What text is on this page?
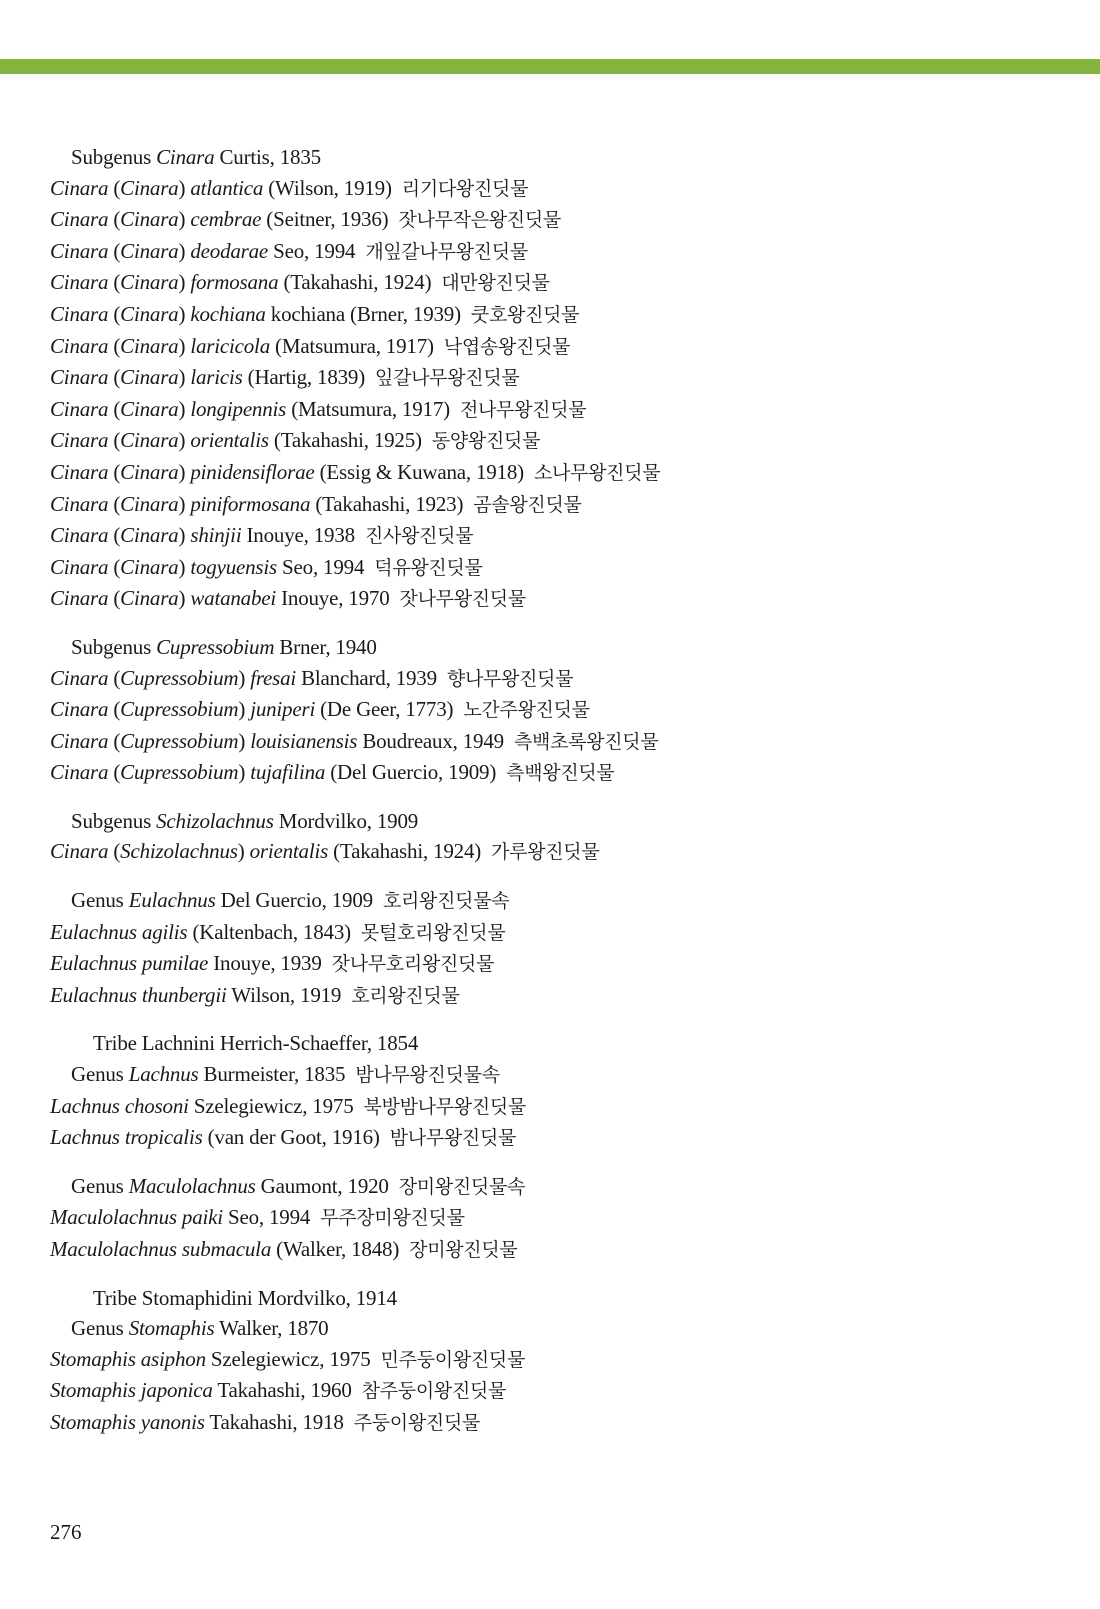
Subgenus Cinara Curtis, 1835
Cinara (Cinara) atlantica (Wilson, 1919) 리기다왕진딧물
Cinara (Cinara) cembrae (Seitner, 1936) 잣나무작은왕진딧물
Cinara (Cinara) deodarae Seo, 1994 개잎갈나무왕진딧물
Cinara (Cinara) formosana (Takahashi, 1924) 대만왕진딧물
Cinara (Cinara) kochiana kochiana (Brner, 1939) 쿳호왕진딧물
Cinara (Cinara) laricicola (Matsumura, 1917) 낙엽송왕진딧물
Cinara (Cinara) laricis (Hartig, 1839) 잎갈나무왕진딧물
Cinara (Cinara) longipennis (Matsumura, 1917) 전나무왕진딧물
Cinara (Cinara) orientalis (Takahashi, 1925) 동양왕진딧물
Cinara (Cinara) pinidensiflorae (Essig & Kuwana, 1918) 소나무왕진딧물
Cinara (Cinara) piniformosana (Takahashi, 1923) 곰솔왕진딧물
Cinara (Cinara) shinjii Inouye, 1938 진사왕진딧물
Cinara (Cinara) togyuensis Seo, 1994 덕유왕진딧물
Cinara (Cinara) watanabei Inouye, 1970 잣나무왕진딧물
Subgenus Cupressobium Brner, 1940
Cinara (Cupressobium) fresai Blanchard, 1939 향나무왕진딧물
Cinara (Cupressobium) juniperi (De Geer, 1773) 노간주왕진딧물
Cinara (Cupressobium) louisianensis Boudreaux, 1949 측백초록왕진딧물
Cinara (Cupressobium) tujafilina (Del Guercio, 1909) 측백왕진딧물
Subgenus Schizolachnus Mordvilko, 1909
Cinara (Schizolachnus) orientalis (Takahashi, 1924) 가루왕진딧물
Genus Eulachnus Del Guercio, 1909 호리왕진딧물속
Eulachnus agilis (Kaltenbach, 1843) 못털호리왕진딧물
Eulachnus pumilae Inouye, 1939 잣나무호리왕진딧물
Eulachnus thunbergii Wilson, 1919 호리왕진딧물
Tribe Lachnini Herrich-Schaeffer, 1854
Genus Lachnus Burmeister, 1835 밤나무왕진딧물속
Lachnus chosoni Szelegiewicz, 1975 북방밤나무왕진딧물
Lachnus tropicalis (van der Goot, 1916) 밤나무왕진딧물
Genus Maculolachnus Gaumont, 1920 장미왕진딧물속
Maculolachnus paiki Seo, 1994 무주장미왕진딧물
Maculolachnus submacula (Walker, 1848) 장미왕진딧물
Tribe Stomaphidini Mordvilko, 1914
Genus Stomaphis Walker, 1870
Stomaphis asiphon Szelegiewicz, 1975 민주둥이왕진딧물
Stomaphis japonica Takahashi, 1960 참주둥이왕진딧물
Stomaphis yanonis Takahashi, 1918 주둥이왕진딧물
276
